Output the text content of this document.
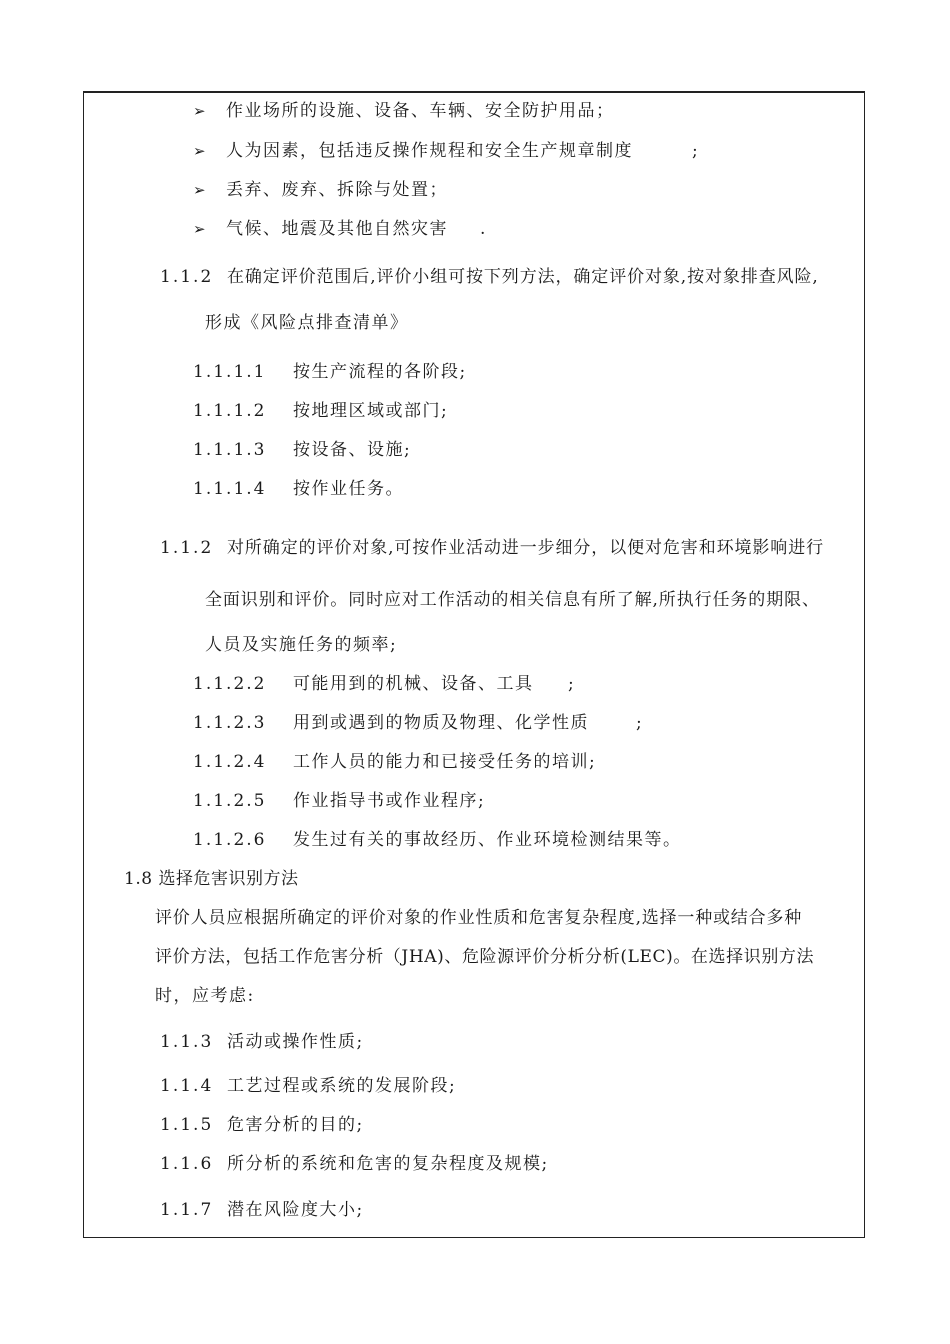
➢ 作业场所的设施、设备、车辆、安全防护用品；
➢ 人为因素，包括违反操作规程和安全生产规章制度	;
➢ 丢弃、废弃、拆除与处置；
➢ 气候、地震及其他自然灾害 .
1.1.2 在确定评价范围后,评价小组可按下列方法，确定评价对象,按对象排查风险,
形成《风险点排查清单》
1.1.1.1 按生产流程的各阶段;
1.1.1.2 按地理区域或部门;
1.1.1.3 按设备、设施;
1.1.1.4 按作业任务。
1.1.2 对所确定的评价对象,可按作业活动进一步细分，以便对危害和环境影响进行
全面识别和评价。同时应对工作活动的相关信息有所了解,所执行任务的期限、
人员及实施任务的频率;
1.1.2.2 可能用到的机械、设备、工具 ;
1.1.2.3 用到或遇到的物质及物理、化学性质	;
1.1.2.4 工作人员的能力和已接受任务的培训;
1.1.2.5 作业指导书或作业程序;
1.1.2.6 发生过有关的事故经历、作业环境检测结果等。
1.8 选择危害识别方法
评价人员应根据所确定的评价对象的作业性质和危害复杂程度,选择一种或结合多种
评价方法，包括工作危害分析（JHA)、危险源评价分析分析(LEC)。在选择识别方法
时，应考虑:
1.1.3 活动或操作性质;
1.1.4 工艺过程或系统的发展阶段;
1.1.5 危害分析的目的;
1.1.6 所分析的系统和危害的复杂程度及规模;
1.1.7 潜在风险度大小;
